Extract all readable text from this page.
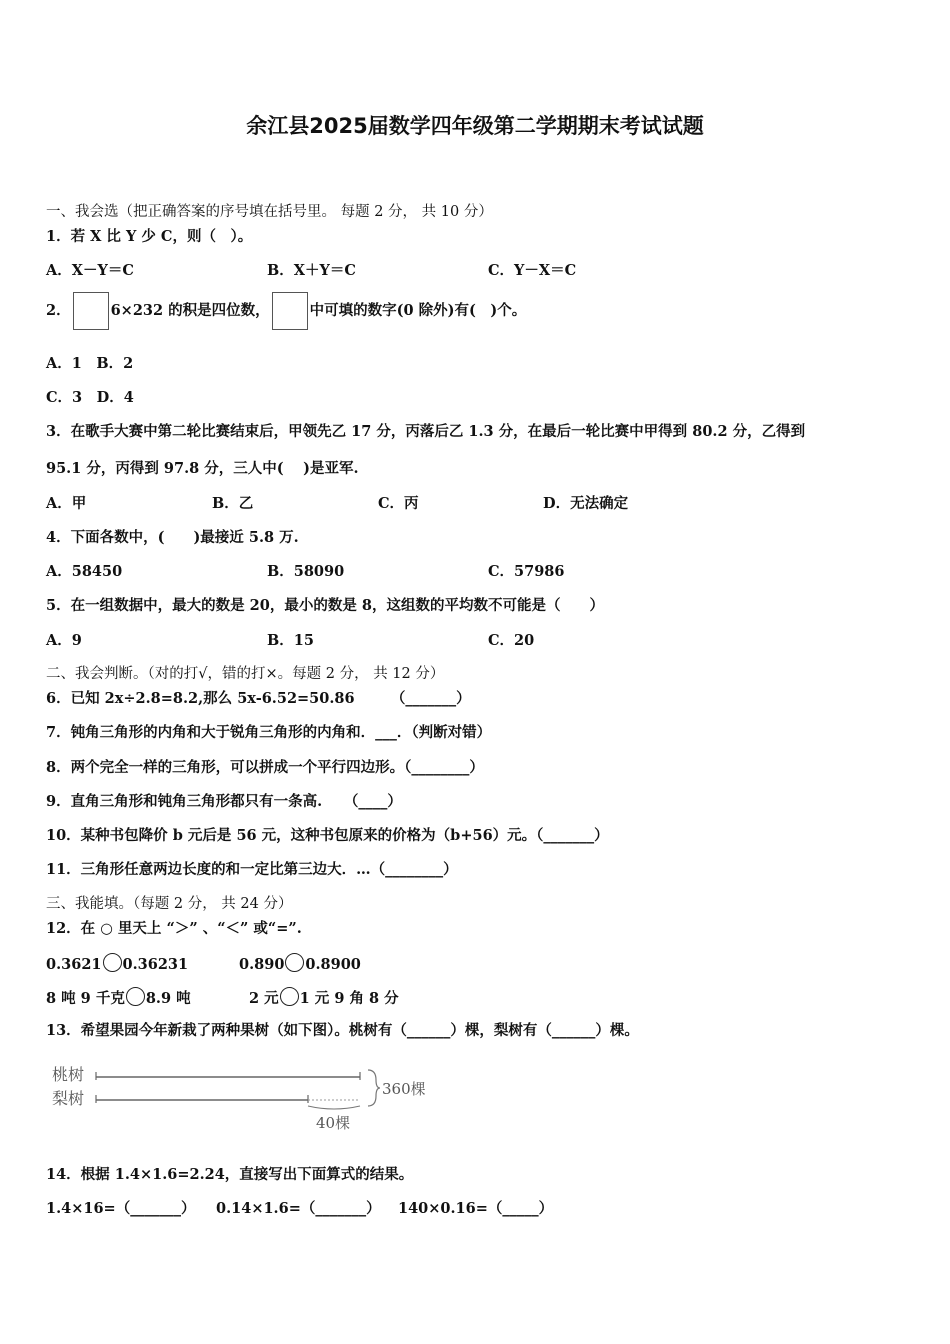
余江县2025届数学四年级第二学期期末考试试题
一、我会选（把正确答案的序号填在括号里。 每题 2 分， 共 10 分）
1．若 X 比 Y 少 C，则（　）。
A．X－Y＝C	B．X＋Y＝C	C．Y－X＝C
2．	6×232 的积是四位数，	中可填的数字(0 除外)有(　)个。
A．1　B．2
C．3　D．4
3．在歌手大赛中第二轮比赛结束后，甲领先乙 17 分，丙落后乙 1.3 分，在最后一轮比赛中甲得到 80.2 分，乙得到
95.1 分，丙得到 97.8 分，三人中(　 )是亚军.
A．甲	B．乙	C．丙	D．无法确定
4．下面各数中，(　　)最接近 5.8 万.
A．58450	B．58090	C．57986
5．在一组数据中，最大的数是 20，最小的数是 8，这组数的平均数不可能是（　　）
A．9	B．15	C．20
二、我会判断。（对的打√，错的打×。每题 2 分， 共 12 分）
6．已知 2x÷2.8=8.2,那么 5x-6.52=50.86　　　（_______）
7．钝角三角形的内角和大于锐角三角形的内角和．___．（判断对错）
8．两个完全一样的三角形，可以拼成一个平行四边形。（________）
9．直角三角形和钝角三角形都只有一条高.　　（____）
10．某种书包降价 b 元后是 56 元，这种书包原来的价格为（b+56）元。（_______）
11．三角形任意两边长度的和一定比第三边大．…（________）
三、我能填。（每题 2 分， 共 24 分）
12．在 ○ 里天上 “＞” 、“＜” 或“=”.
0.3621 0.36231	0.890 0.8900
8 吨 9 千克 8.9 吨	2 元 1 元 9 角 8 分
13．希望果园今年新栽了两种果树（如下图）。桃树有（______）棵，梨树有（______）棵。
桃树
梨树	360棵
40棵
14．根据 1.4×1.6=2.24，直接写出下面算式的结果。
1.4×16=（_______） 0.14×1.6=（_______） 140×0.16=（_____）
